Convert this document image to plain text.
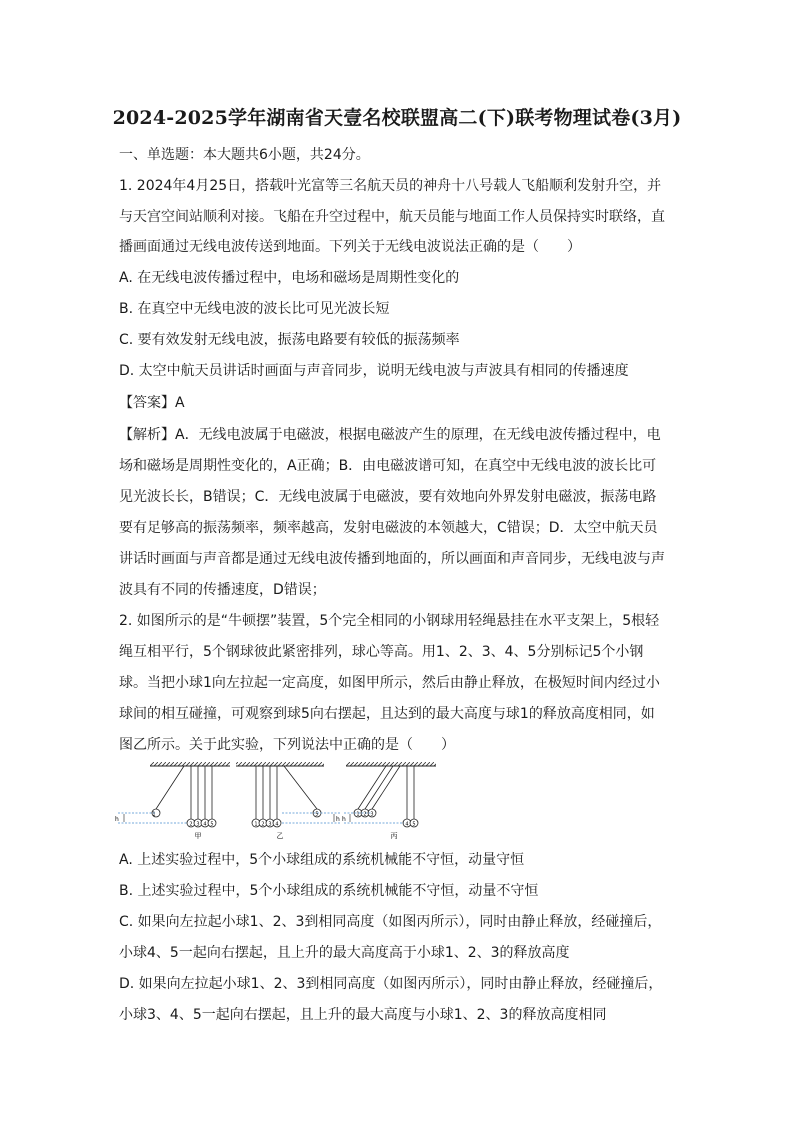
2024-2025学年湖南省天壹名校联盟高二(下)联考物理试卷(3月)
一、单选题：本大题共6小题，共24分。
1. 2024年4月25日，搭载叶光富等三名航天员的神舟十八号载人飞船顺利发射升空，并
与天宫空间站顺利对接。飞船在升空过程中，航天员能与地面工作人员保持实时联络，直
播画面通过无线电波传送到地面。下列关于无线电波说法正确的是（　　）
A. 在无线电波传播过程中，电场和磁场是周期性变化的
B. 在真空中无线电波的波长比可见光波长短
C. 要有效发射无线电波，振荡电路要有较低的振荡频率
D. 太空中航天员讲话时画面与声音同步，说明无线电波与声波具有相同的传播速度
【答案】A
【解析】A．无线电波属于电磁波，根据电磁波产生的原理，在无线电波传播过程中，电
场和磁场是周期性变化的，A正确；B．由电磁波谱可知，在真空中无线电波的波长比可
见光波长长，B错误；C．无线电波属于电磁波，要有效地向外界发射电磁波，振荡电路
要有足够高的振荡频率，频率越高，发射电磁波的本领越大，C错误；D．太空中航天员
讲话时画面与声音都是通过无线电波传播到地面的，所以画面和声音同步，无线电波与声
波具有不同的传播速度，D错误；
2. 如图所示的是“牛顿摆”装置，5个完全相同的小钢球用轻绳悬挂在水平支架上，5根轻
绳互相平行，5个钢球彼此紧密排列，球心等高。用1、2、3、4、5分别标记5个小钢
球。当把小球1向左拉起一定高度，如图甲所示，然后由静止释放，在极短时间内经过小
球间的相互碰撞，可观察到球5向右摆起，且达到的最大高度与球1的释放高度相同，如
图乙所示。关于此实验，下列说法中正确的是（　　）
h
1
2 3 4 5
甲
h
1 2 3 4
5
乙
h
1 2 3
4 5
丙
A. 上述实验过程中，5个小球组成的系统机械能不守恒，动量守恒
B. 上述实验过程中，5个小球组成的系统机械能不守恒，动量不守恒
C. 如果向左拉起小球1、2、3到相同高度（如图丙所示），同时由静止释放，经碰撞后，
小球4、5一起向右摆起，且上升的最大高度高于小球1、2、3的释放高度
D. 如果向左拉起小球1、2、3到相同高度（如图丙所示），同时由静止释放，经碰撞后，
小球3、4、5一起向右摆起，且上升的最大高度与小球1、2、3的释放高度相同
